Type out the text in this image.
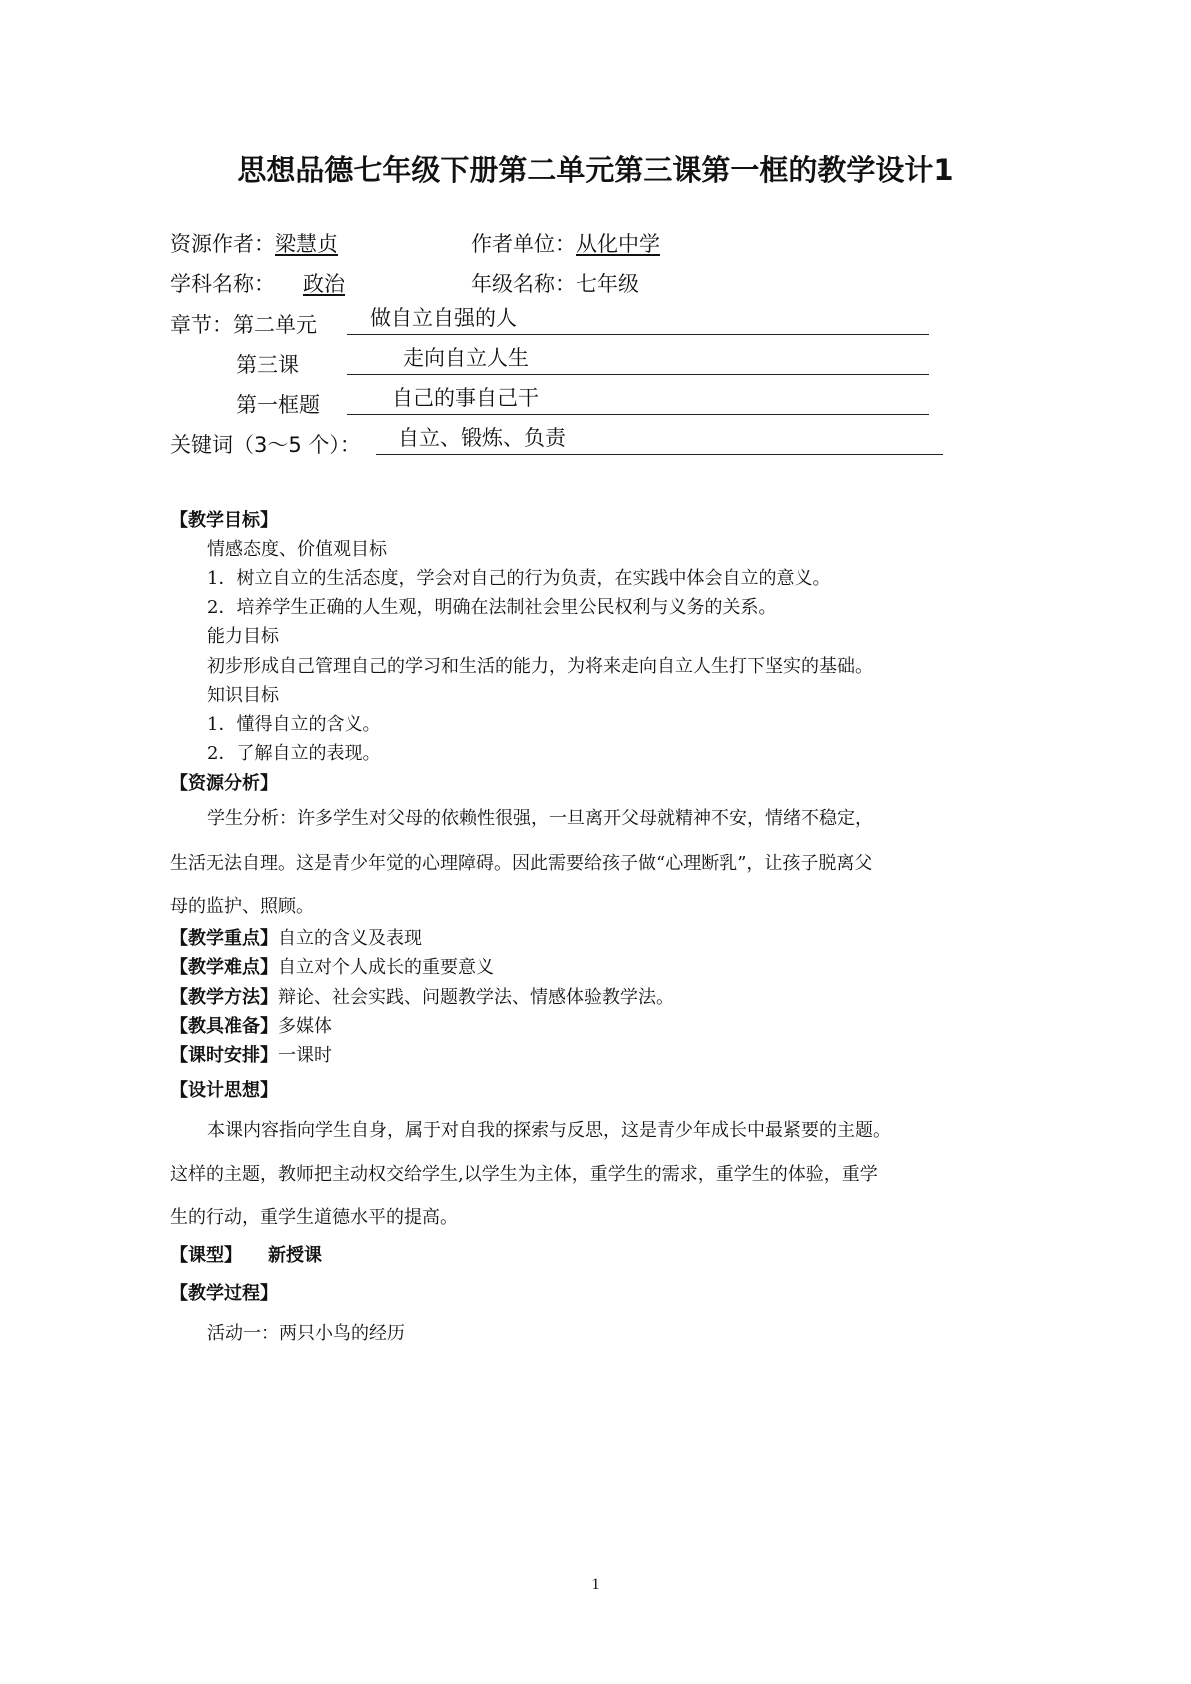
思想品德七年级下册第二单元第三课第一框的教学设计1
资源作者：梁慧贞	作者单位：从化中学
学科名称： 政治	年级名称：七年级
章节：第二单元	做自立自强的人
第三课	走向自立人生
第一框题	自己的事自己干
关键词（3～5 个）： 自立、锻炼、负责
【教学目标】
情感态度、价值观目标
1．树立自立的生活态度，学会对自己的行为负责，在实践中体会自立的意义。
2．培养学生正确的人生观，明确在法制社会里公民权利与义务的关系。
能力目标
初步形成自己管理自己的学习和生活的能力，为将来走向自立人生打下坚实的基础。
知识目标
1．懂得自立的含义。
2．了解自立的表现。
【资源分析】
学生分析：许多学生对父母的依赖性很强，一旦离开父母就精神不安，情绪不稳定，
生活无法自理。这是青少年觉的心理障碍。因此需要给孩子做“心理断乳”，让孩子脱离父
母的监护、照顾。
【教学重点】自立的含义及表现
【教学难点】自立对个人成长的重要意义
【教学方法】辩论、社会实践、问题教学法、情感体验教学法。
【教具准备】多媒体
【课时安排】一课时
【设计思想】
本课内容指向学生自身，属于对自我的探索与反思，这是青少年成长中最紧要的主题。
这样的主题，教师把主动权交给学生,以学生为主体，重学生的需求，重学生的体验，重学
生的行动，重学生道德水平的提高。
【课型】 新授课
【教学过程】
活动一：两只小鸟的经历
1
